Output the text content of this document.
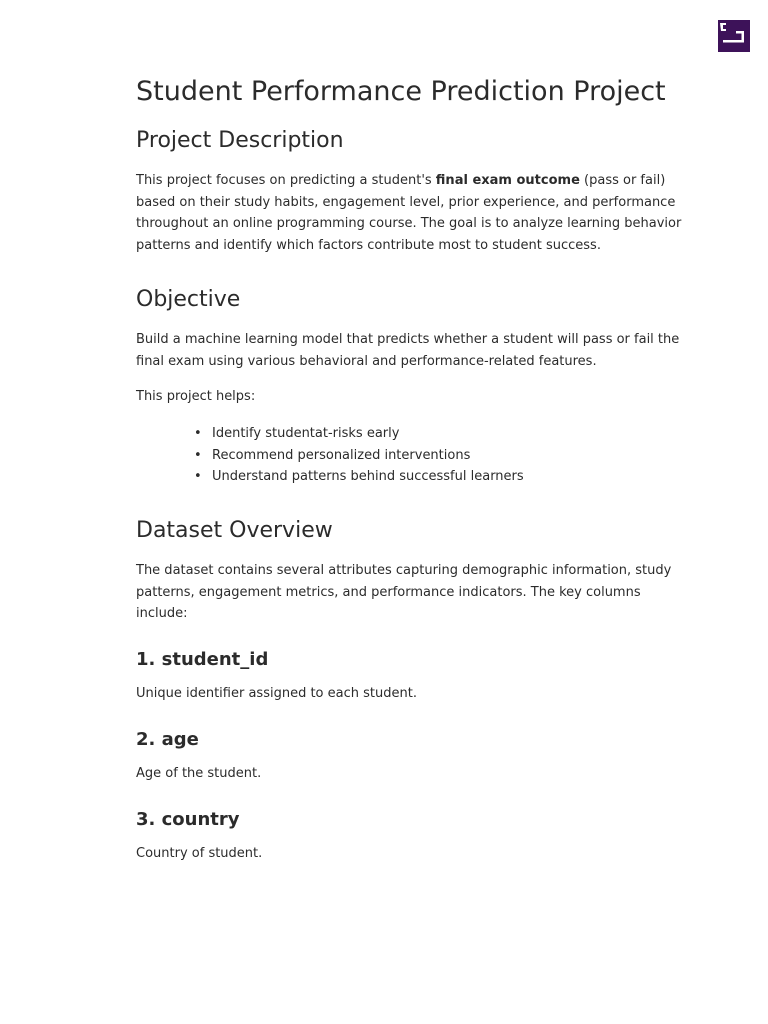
Student Performance Prediction Project
Project Description

This project focuses on predicting a student's final exam outcome (pass or fail) based on their study habits, engagement level, prior experience, and performance throughout an online programming course. The goal is to analyze learning behavior patterns and identify which factors contribute most to student success.

Objective

Build a machine learning model that predicts whether a student will pass or fail the final exam using various behavioral and performance-related features.

This project helps:

• Identify studentat-risks early
• Recommend personalized interventions
• Understand patterns behind successful learners
Dataset Overview

The dataset contains several attributes capturing demographic information, study patterns, engagement metrics, and performance indicators. The key columns include:

1. student_id

Unique identifier assigned to each student.

2. age

Age of the student.

3. country

Country of student.
